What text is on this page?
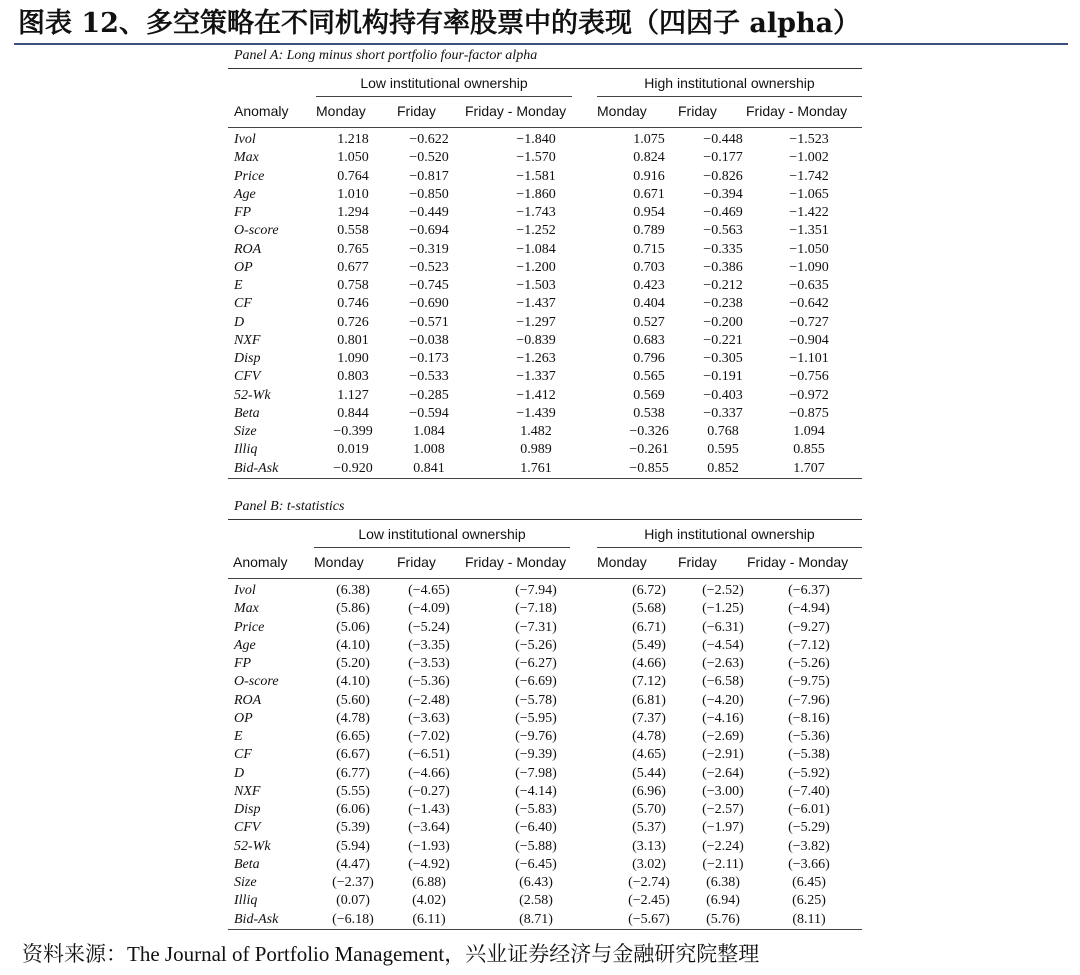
图表 12、多空策略在不同机构持有率股票中的表现（四因子 alpha）
Panel A: Long minus short portfolio four-factor alpha
Low institutional ownership	High institutional ownership
Anomaly Monday Friday Friday - Monday Monday Friday Friday - Monday
Ivol	1.218	−0.622	−1.840	1.075	−0.448	−1.523
Max	1.050	−0.520	−1.570	0.824	−0.177	−1.002
Price	0.764	−0.817	−1.581	0.916	−0.826	−1.742
Age	1.010	−0.850	−1.860	0.671	−0.394	−1.065
FP	1.294	−0.449	−1.743	0.954	−0.469	−1.422
O-score	0.558	−0.694	−1.252	0.789	−0.563	−1.351
ROA	0.765	−0.319	−1.084	0.715	−0.335	−1.050
OP	0.677	−0.523	−1.200	0.703	−0.386	−1.090
E	0.758	−0.745	−1.503	0.423	−0.212	−0.635
CF	0.746	−0.690	−1.437	0.404	−0.238	−0.642
D	0.726	−0.571	−1.297	0.527	−0.200	−0.727
NXF	0.801	−0.038	−0.839	0.683	−0.221	−0.904
Disp	1.090	−0.173	−1.263	0.796	−0.305	−1.101
CFV	0.803	−0.533	−1.337	0.565	−0.191	−0.756
52-Wk	1.127	−0.285	−1.412	0.569	−0.403	−0.972
Beta	0.844	−0.594	−1.439	0.538	−0.337	−0.875
Size	−0.399	1.084	1.482	−0.326	0.768	1.094
Illiq	0.019	1.008	0.989	−0.261	0.595	0.855
Bid-Ask	−0.920	0.841	1.761	−0.855	0.852	1.707
Panel B: t-statistics
Low institutional ownership	High institutional ownership
Anomaly Monday Friday Friday - Monday Monday Friday Friday - Monday
Ivol	(6.38)	(−4.65)	(−7.94)	(6.72)	(−2.52)	(−6.37)
Max	(5.86)	(−4.09)	(−7.18)	(5.68)	(−1.25)	(−4.94)
Price	(5.06)	(−5.24)	(−7.31)	(6.71)	(−6.31)	(−9.27)
Age	(4.10)	(−3.35)	(−5.26)	(5.49)	(−4.54)	(−7.12)
FP	(5.20)	(−3.53)	(−6.27)	(4.66)	(−2.63)	(−5.26)
O-score	(4.10)	(−5.36)	(−6.69)	(7.12)	(−6.58)	(−9.75)
ROA	(5.60)	(−2.48)	(−5.78)	(6.81)	(−4.20)	(−7.96)
OP	(4.78)	(−3.63)	(−5.95)	(7.37)	(−4.16)	(−8.16)
E	(6.65)	(−7.02)	(−9.76)	(4.78)	(−2.69)	(−5.36)
CF	(6.67)	(−6.51)	(−9.39)	(4.65)	(−2.91)	(−5.38)
D	(6.77)	(−4.66)	(−7.98)	(5.44)	(−2.64)	(−5.92)
NXF	(5.55)	(−0.27)	(−4.14)	(6.96)	(−3.00)	(−7.40)
Disp	(6.06)	(−1.43)	(−5.83)	(5.70)	(−2.57)	(−6.01)
CFV	(5.39)	(−3.64)	(−6.40)	(5.37)	(−1.97)	(−5.29)
52-Wk	(5.94)	(−1.93)	(−5.88)	(3.13)	(−2.24)	(−3.82)
Beta	(4.47)	(−4.92)	(−6.45)	(3.02)	(−2.11)	(−3.66)
Size	(−2.37)	(6.88)	(6.43)	(−2.74)	(6.38)	(6.45)
Illiq	(0.07)	(4.02)	(2.58)	(−2.45)	(6.94)	(6.25)
Bid-Ask	(−6.18)	(6.11)	(8.71)	(−5.67)	(5.76)	(8.11)
资料来源：The Journal of Portfolio Management，兴业证券经济与金融研究院整理
